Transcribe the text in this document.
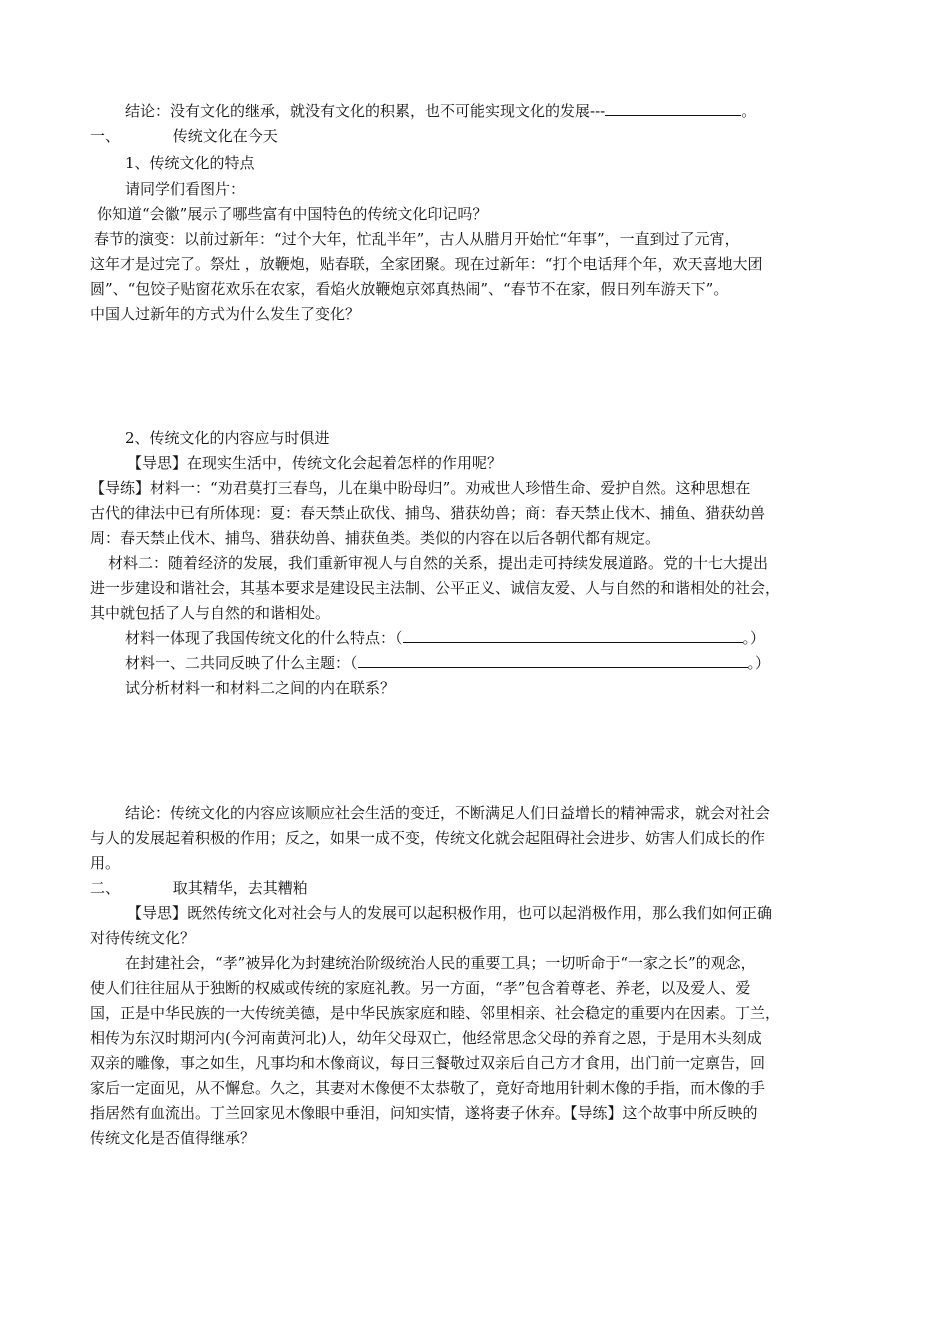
结论：没有文化的继承，就没有文化的积累，也不可能实现文化的发展---	。
一、	传统文化在今天
1、传统文化的特点
请同学们看图片：
你知道“会徽”展示了哪些富有中国特色的传统文化印记吗？
春节的演变：以前过新年：“过个大年，忙乱半年”，古人从腊月开始忙“年事”，一直到过了元宵，
这年才是过完了。祭灶 ，放鞭炮，贴春联，全家团聚。现在过新年：“打个电话拜个年，欢天喜地大团
圆”、“包饺子贴窗花欢乐在农家，看焰火放鞭炮京郊真热闹”、“春节不在家，假日列车游天下”。
中国人过新年的方式为什么发生了变化？
2、传统文化的内容应与时俱进
【导思】在现实生活中，传统文化会起着怎样的作用呢？
【导练】材料一：“劝君莫打三春鸟，儿在巢中盼母归”。劝戒世人珍惜生命、爱护自然。这种思想在
古代的律法中已有所体现：夏：春天禁止砍伐、捕鸟、猎获幼兽；商：春天禁止伐木、捕鱼、猎获幼兽
周：春天禁止伐木、捕鸟、猎获幼兽、捕获鱼类。类似的内容在以后各朝代都有规定。
材料二：随着经济的发展，我们重新审视人与自然的关系，提出走可持续发展道路。党的十七大提出
进一步建设和谐社会，其基本要求是建设民主法制、公平正义、诚信友爱、人与自然的和谐相处的社会，
其中就包括了人与自然的和谐相处。
材料一体现了我国传统文化的什么特点：（	。）
材料一、二共同反映了什么主题：（	。）
试分析材料一和材料二之间的内在联系？
结论：传统文化的内容应该顺应社会生活的变迁，不断满足人们日益增长的精神需求，就会对社会
与人的发展起着积极的作用；反之，如果一成不变，传统文化就会起阻碍社会进步、妨害人们成长的作
用。
二、	取其精华，去其糟粕
【导思】既然传统文化对社会与人的发展可以起积极作用，也可以起消极作用，那么我们如何正确
对待传统文化？
在封建社会，“孝”被异化为封建统治阶级统治人民的重要工具；一切听命于“一家之长”的观念，
使人们往往屈从于独断的权威或传统的家庭礼教。另一方面，“孝”包含着尊老、养老，以及爱人、爱
国，正是中华民族的一大传统美德，是中华民族家庭和睦、邻里相亲、社会稳定的重要内在因素。丁兰，
相传为东汉时期河内(今河南黄河北)人，幼年父母双亡，他经常思念父母的养育之恩，于是用木头刻成
双亲的雕像，事之如生，凡事均和木像商议，每日三餐敬过双亲后自己方才食用，出门前一定禀告，回
家后一定面见，从不懈怠。久之，其妻对木像便不太恭敬了，竟好奇地用针刺木像的手指，而木像的手
指居然有血流出。丁兰回家见木像眼中垂泪，问知实情，遂将妻子休弃。【导练】这个故事中所反映的
传统文化是否值得继承？
